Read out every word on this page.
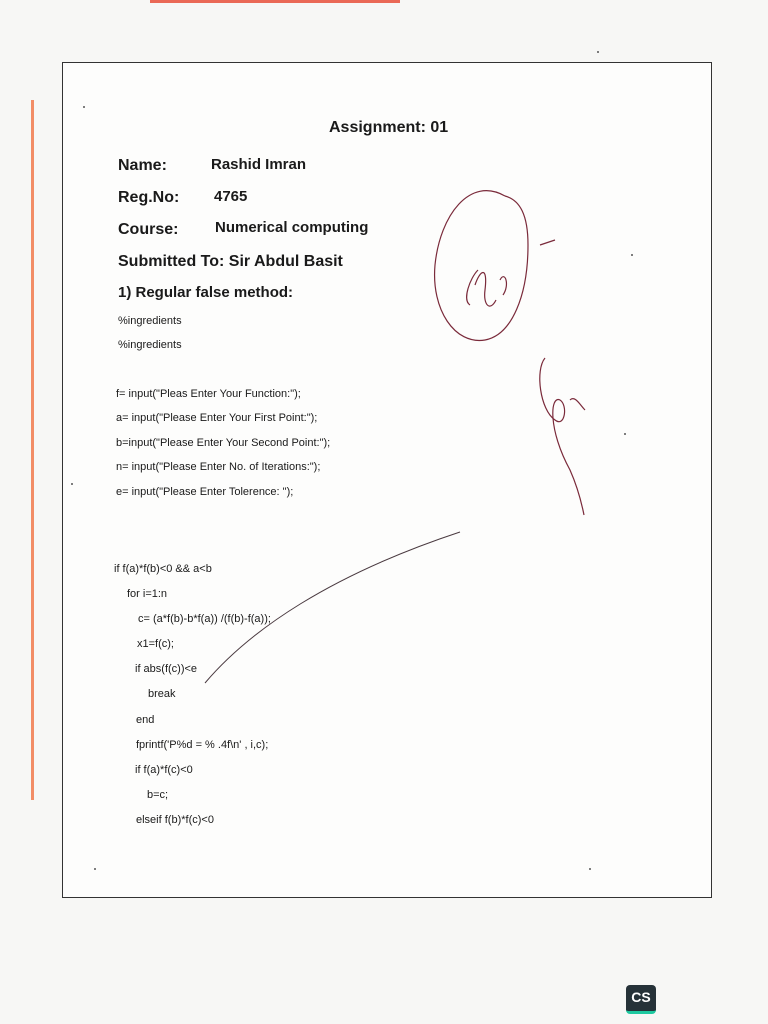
Assignment: 01
Name:	Rashid Imran
Reg.No: 4765
Course: Numerical computing
Submitted To: Sir Abdul Basit
1) Regular false method:
%ingredients
%ingredients
f= input("Pleas Enter Your Function:");
a= input("Please Enter Your First Point:");
b=input("Please Enter Your Second Point:");
n= input("Please Enter No. of Iterations:");
e= input("Please Enter Tolerence: ");
if f(a)*f(b)<0 && a<b
for i=1:n
c= (a*f(b)-b*f(a)) /(f(b)-f(a));
x1=f(c);
if abs(f(c))<e
break
end
fprintf('P%d = % .4f\n' , i,c);
if f(a)*f(c)<0
b=c;
elseif f(b)*f(c)<0
CS
